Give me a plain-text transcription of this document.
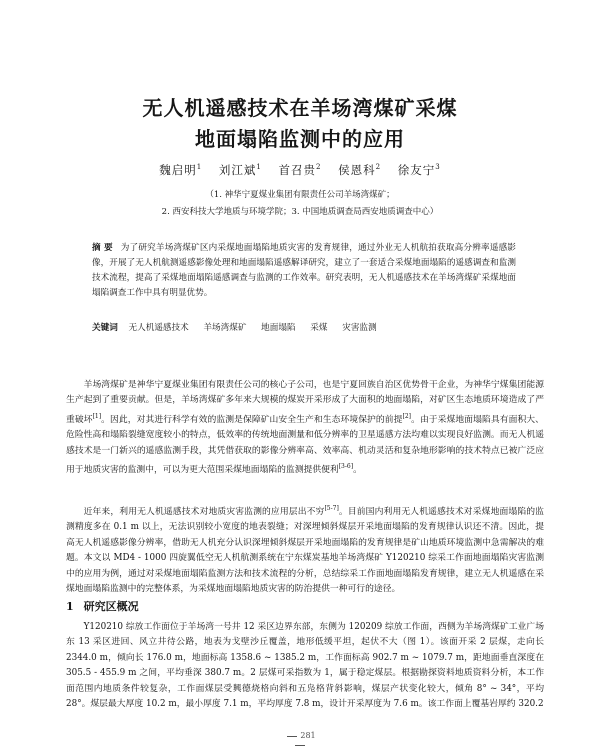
无人机遥感技术在羊场湾煤矿采煤
地面塌陷监测中的应用
魏启明$^1$ 刘江斌$^1$ 首召贵$^2$ 侯恩科$^2$ 徐友宁$^3$
（1. 神华宁夏煤业集团有限责任公司羊场湾煤矿；
2. 西安科技大学地质与环境学院；3. 中国地质调查局西安地质调查中心）
摘 要 为了研究羊场湾煤矿区内采煤地面塌陷地质灾害的发育规律，通过外业无人机航拍获取高分辨率遥感影像，开展了无人机航测遥感影像处理和地面塌陷遥感解译研究，建立了一套适合采煤地面塌陷的遥感调查和监测技术流程，提高了采煤地面塌陷遥感调查与监测的工作效率。研究表明，无人机遥感技术在羊场湾煤矿采煤地面塌陷调查工作中具有明显优势。
关键词 无人机遥感技术 羊场湾煤矿 地面塌陷 采煤 灾害监测
羊场湾煤矿是神华宁夏煤业集团有限责任公司的核心子公司，也是宁夏回族自治区优势骨干企业，为神华宁煤集团能源生产起到了重要贡献。但是，羊场湾煤矿多年来大规模的煤炭开采形成了大面积的地面塌陷，对矿区生态地质环境造成了严重破坏[1]。因此，对其进行科学有效的监测是保障矿山安全生产和生态环境保护的前提[2]。由于采煤地面塌陷具有面积大、危险性高和塌陷裂缝宽度较小的特点，低效率的传统地面测量和低分辨率的卫星遥感方法均难以实现良好监测。而无人机遥感技术是一门新兴的遥感监测手段，其凭借获取的影像分辨率高、效率高、机动灵活和复杂地形影响的技术特点已被广泛应用于地质灾害的监测中，可以为更大范围采煤地面塌陷的监测提供便利[3-6]。
近年来，利用无人机遥感技术对地质灾害监测的应用层出不穷[5-7]。目前国内利用无人机遥感技术对采煤地面塌陷的监测精度多在 0.1 m 以上，无法识别较小宽度的地表裂缝；对深埋倾斜煤层开采地面塌陷的发育规律认识还不清。因此，提高无人机遥感影像分辨率，借助无人机充分认识深埋倾斜煤层开采地面塌陷的发育规律是矿山地质环境监测中急需解决的难题。本文以 MD4 - 1000 四旋翼低空无人机航测系统在宁东煤炭基地羊场湾煤矿 Y120210 综采工作面地面塌陷灾害监测中的应用为例，通过对采煤地面塌陷监测方法和技术流程的分析，总结综采工作面地面塌陷发育规律，建立无人机遥感在采煤地面塌陷监测中的完整体系，为采煤地面塌陷地质灾害的防治提供一种可行的途径。
1 研究区概况
Y120210 综放工作面位于羊场湾一号井 12 采区边界东部，东侧为 120209 综放工作面，西侧为羊场湾煤矿工业广场东 13 采区进回、风立井待公路，地表为戈壁沙丘覆盖，地形低缓平坦，起伏不大（图 1）。该面开采 2 层煤，走向长 2344.0 m，倾向长 176.0 m，地面标高 1358.6 ~ 1385.2 m，工作面标高 902.7 m ~ 1079.7 m，距地面垂直深度在 305.5 - 455.9 m 之间，平均垂深 380.7 m。2 层煤可采指数为 1，属于稳定煤层。根据勘探资料地质资料分析，本工作面范围内地质条件较复杂，工作面煤层受興德烧格向斜和五凫格背斜影响，煤层产状变化较大，倾角 8° ~ 34°，平均 28°。煤层最大厚度 10.2 m，最小厚度 7.1 m，平均厚度 7.8 m，设计开采厚度为 7.6 m。该工作面上覆基岩厚约 320.2
281
